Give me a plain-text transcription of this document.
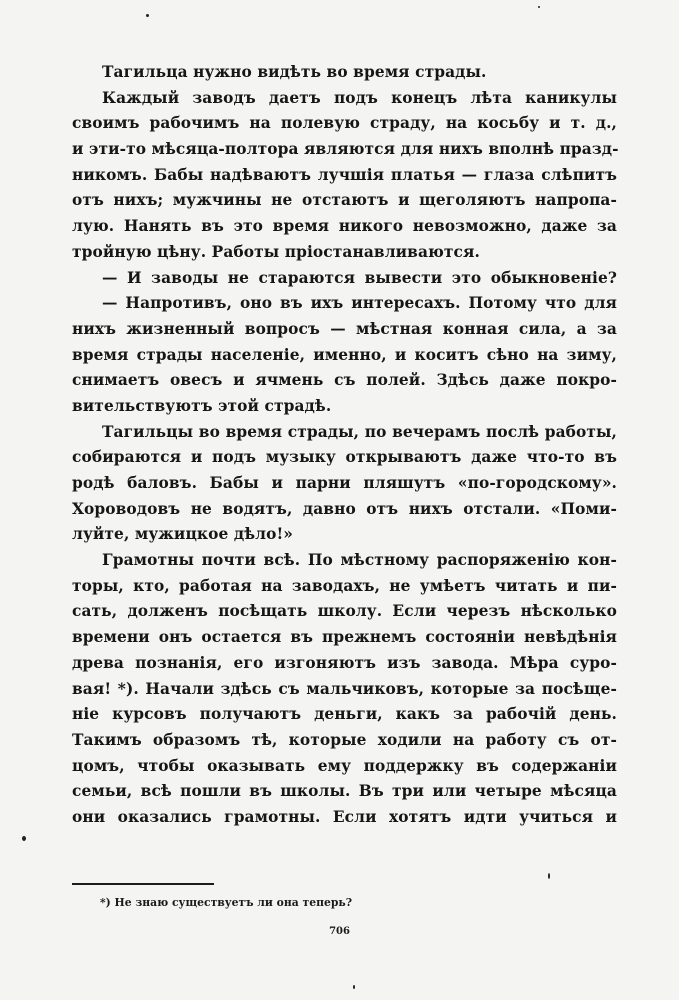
Тагильца нужно видѣть во время страды.
Каждый заводъ даетъ подъ конецъ лѣта каникулы
своимъ рабочимъ на полевую страду, на косьбу и т. д.,
и эти-то мѣсяца-полтора являются для нихъ вполнѣ празд-
никомъ. Бабы надѣваютъ лучшія платья — глаза слѣпитъ
отъ нихъ; мужчины не отстаютъ и щеголяютъ напропа-
лую. Нанять въ это время никого невозможно, даже за
тройную цѣну. Работы пріостанавливаются.
— И заводы не стараются вывести это обыкновеніе?
— Напротивъ, оно въ ихъ интересахъ. Потому что для
нихъ жизненный вопросъ — мѣстная конная сила, а за
время страды населеніе, именно, и коситъ сѣно на зиму,
снимаетъ овесъ и ячмень съ полей. Здѣсь даже покро-
вительствуютъ этой страдѣ.
Тагильцы во время страды, по вечерамъ послѣ работы,
собираются и подъ музыку открываютъ даже что-то въ
родѣ баловъ. Бабы и парни пляшутъ «по-городскому».
Хороводовъ не водятъ, давно отъ нихъ отстали. «Поми-
луйте, мужицкое дѣло!»
Грамотны почти всѣ. По мѣстному распоряженію кон-
торы, кто, работая на заводахъ, не умѣетъ читать и пи-
сать, долженъ посѣщать школу. Если черезъ нѣсколько
времени онъ остается въ прежнемъ состояніи невѣдѣнія
древа познанія, его изгоняютъ изъ завода. Мѣра суро-
вая! *). Начали здѣсь съ мальчиковъ, которые за посѣще-
ніе курсовъ получаютъ деньги, какъ за рабочій день.
Такимъ образомъ тѣ, которые ходили на работу съ от-
цомъ, чтобы оказывать ему поддержку въ содержаніи
семьи, всѣ пошли въ школы. Въ три или четыре мѣсяца
они оказались грамотны. Если хотятъ идти учиться и
*) Не знаю существуетъ ли она теперь?
706
